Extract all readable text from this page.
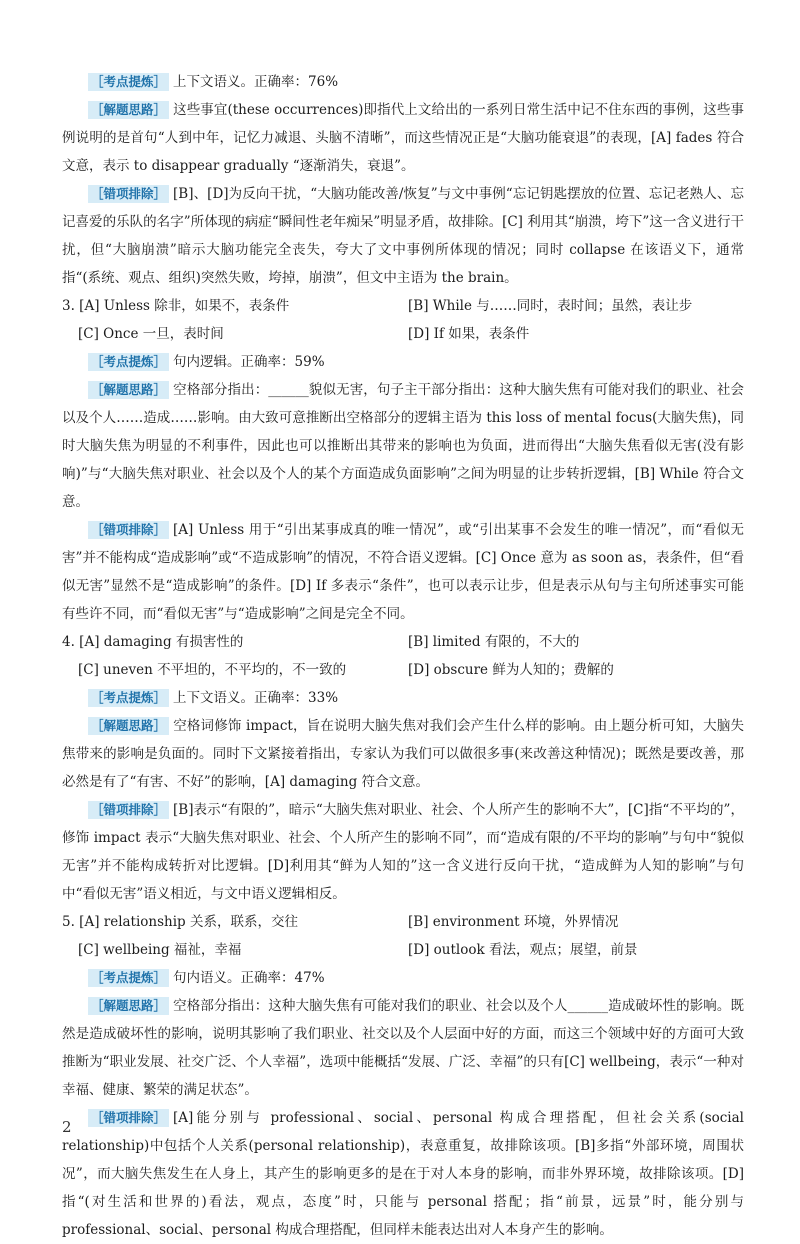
［考点提炼］ 上下文语义。正确率：76%

［解题思路］ 这些事宜(these occurrences)即指代上文给出的一系列日常生活中记不住东西的事例，这些事例说明的是首句“人到中年，记忆力减退、头脑不清晰”，而这些情况正是“大脑功能衰退”的表现，[A] fades 符合文意，表示 to disappear gradually “逐渐消失，衰退”。

［错项排除］ [B]、[D]为反向干扰，“大脑功能改善/恢复”与文中事例“忘记钥匙摆放的位置、忘记老熟人、忘记喜爱的乐队的名字”所体现的病症“瞬间性老年痴呆”明显矛盾，故排除。[C] 利用其“崩溃，垮下”这一含义进行干扰，但“大脑崩溃”暗示大脑功能完全丧失，夸大了文中事例所体现的情况；同时 collapse 在该语义下，通常指“(系统、观点、组织)突然失败，垮掉，崩溃”，但文中主语为 the brain。

3. [A] Unless 除非，如果不，表条件	[B] While 与……同时，表时间；虽然，表让步
[C] Once 一旦，表时间	[D] If 如果，表条件

［考点提炼］ 句内逻辑。正确率：59%

［解题思路］ 空格部分指出：______貌似无害，句子主干部分指出：这种大脑失焦有可能对我们的职业、社会以及个人……造成……影响。由大致可意推断出空格部分的逻辑主语为 this loss of mental focus(大脑失焦)，同时大脑失焦为明显的不利事件，因此也可以推断出其带来的影响也为负面，进而得出“大脑失焦看似无害(没有影响)”与“大脑失焦对职业、社会以及个人的某个方面造成负面影响”之间为明显的让步转折逻辑，[B] While 符合文意。

［错项排除］ [A] Unless 用于“引出某事成真的唯一情况”，或“引出某事不会发生的唯一情况”，而“看似无害”并不能构成“造成影响”或“不造成影响”的情况，不符合语义逻辑。[C] Once 意为 as soon as，表条件，但“看似无害”显然不是“造成影响”的条件。[D] If 多表示“条件”，也可以表示让步，但是表示从句与主句所述事实可能有些许不同，而“看似无害”与“造成影响”之间是完全不同。

4. [A] damaging 有损害性的	[B] limited 有限的，不大的
[C] uneven 不平坦的，不平均的，不一致的	[D] obscure 鲜为人知的；费解的

［考点提炼］ 上下文语义。正确率：33%

［解题思路］ 空格词修饰 impact，旨在说明大脑失焦对我们会产生什么样的影响。由上题分析可知，大脑失焦带来的影响是负面的。同时下文紧接着指出，专家认为我们可以做很多事(来改善这种情况)；既然是要改善，那必然是有了“有害、不好”的影响，[A] damaging 符合文意。

［错项排除］ [B]表示“有限的”，暗示“大脑失焦对职业、社会、个人所产生的影响不大”，[C]指“不平均的”，修饰 impact 表示“大脑失焦对职业、社会、个人所产生的影响不同”，而“造成有限的/不平均的影响”与句中“貌似无害”并不能构成转折对比逻辑。[D]利用其“鲜为人知的”这一含义进行反向干扰，“造成鲜为人知的影响”与句中“看似无害”语义相近，与文中语义逻辑相反。

5. [A] relationship 关系，联系，交往	[B] environment 环境，外界情况
[C] wellbeing 福祉，幸福	[D] outlook 看法，观点；展望，前景

［考点提炼］ 句内语义。正确率：47%

［解题思路］ 空格部分指出：这种大脑失焦有可能对我们的职业、社会以及个人______造成破坏性的影响。既然是造成破坏性的影响，说明其影响了我们职业、社交以及个人层面中好的方面，而这三个领域中好的方面可大致推断为“职业发展、社交广泛、个人幸福”，选项中能概括“发展、广泛、幸福”的只有[C] wellbeing，表示“一种对幸福、健康、繁荣的满足状态”。

［错项排除］ [A]能分别与 professional、social、personal 构成合理搭配，但社会关系(social relationship)中包括个人关系(personal relationship)，表意重复，故排除该项。[B]多指“外部环境，周围状况”，而大脑失焦发生在人身上，其产生的影响更多的是在于对人本身的影响，而非外界环境，故排除该项。[D]指“(对生活和世界的)看法，观点，态度”时，只能与 personal 搭配；指“前景，远景”时，能分别与 professional、social、personal 构成合理搭配，但同样未能表达出对人本身产生的影响。

2
